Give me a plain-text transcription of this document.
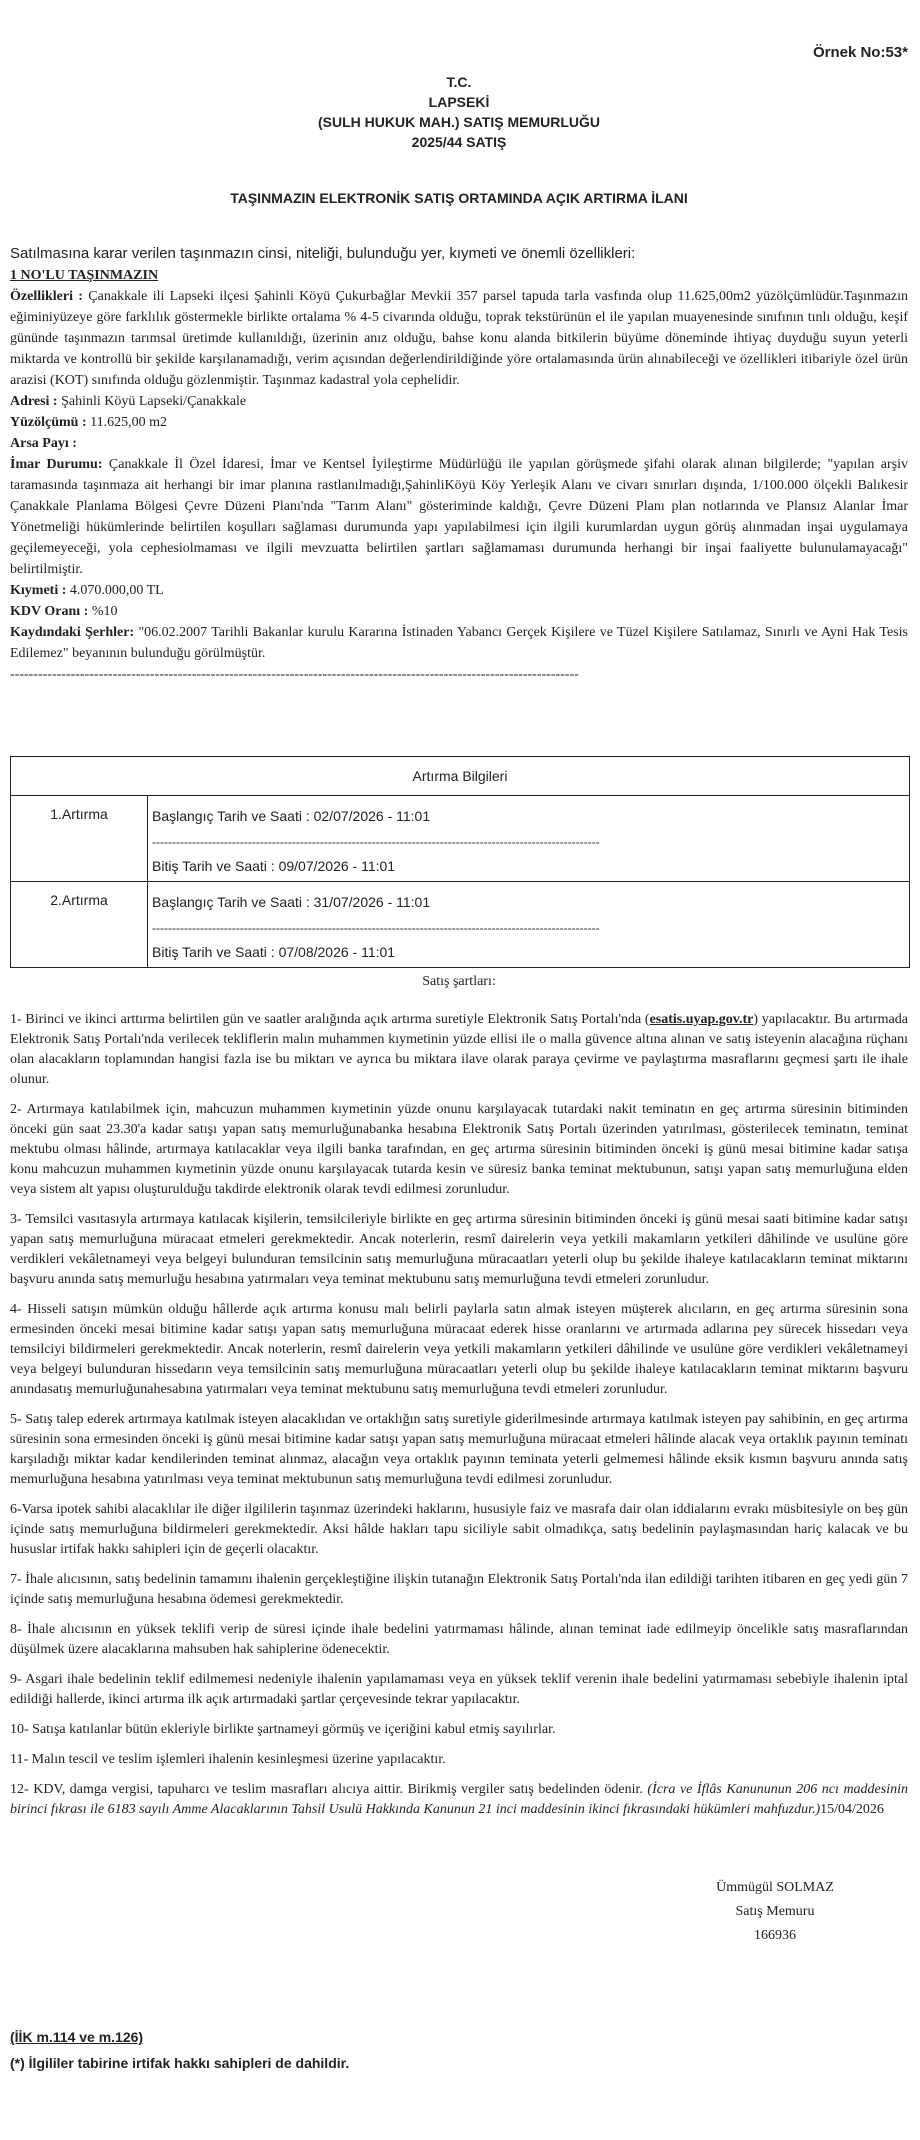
Örnek No:53*
T.C.
LAPSEKİ
(SULH HUKUK MAH.) SATIŞ MEMURLUĞU
2025/44 SATIŞ
TAŞINMAZIN ELEKTRONİK SATIŞ ORTAMINDA AÇIK ARTIRMA İLANI
Satılmasına karar verilen taşınmazın cinsi, niteliği, bulunduğu yer, kıymeti ve önemli özellikleri:

1 NO'LU TAŞINMAZIN

Özellikleri : Çanakkale ili Lapseki ilçesi Şahinli Köyü Çukurbağlar Mevkii 357 parsel tapuda tarla vasfında olup 11.625,00m2 yüzölçümlüdür.Taşınmazın eğiminiyüzeye göre farklılık göstermekle birlikte ortalama % 4-5 civarında olduğu, toprak tekstürünün el ile yapılan muayenesinde sınıfının tınlı olduğu, keşif gününde taşınmazın tarımsal üretimde kullanıldığı, üzerinin anız olduğu, bahse konu alanda bitkilerin büyüme döneminde ihtiyaç duyduğu suyun yeterli miktarda ve kontrollü bir şekilde karşılanamadığı, verim açısından değerlendirildiğinde yöre ortalamasında ürün alınabileceği ve özellikleri itibariyle özel ürün arazisi (KOT) sınıfında olduğu gözlenmiştir. Taşınmaz kadastral yola cephelidir.

Adresi : Şahinli Köyü Lapseki/Çanakkale

Yüzölçümü : 11.625,00 m2

Arsa Payı :

İmar Durumu: Çanakkale İl Özel İdaresi, İmar ve Kentsel İyileştirme Müdürlüğü ile yapılan görüşmede şifahi olarak alınan bilgilerde; "yapılan arşiv taramasında taşınmaza ait herhangi bir imar planına rastlanılmadığı,ŞahinliKöyü Köy Yerleşik Alanı ve civarı sınırları dışında, 1/100.000 ölçekli Balıkesir Çanakkale Planlama Bölgesi Çevre Düzeni Planı'nda "Tarım Alanı" gösteriminde kaldığı, Çevre Düzeni Planı plan notlarında ve Plansız Alanlar İmar Yönetmeliği hükümlerinde belirtilen koşulları sağlaması durumunda yapı yapılabilmesi için ilgili kurumlardan uygun görüş alınmadan inşai uygulamaya geçilemeyeceği, yola cephesiolmaması ve ilgili mevzuatta belirtilen şartları sağlamaması durumunda herhangi bir inşai faaliyette bulunulamayacağı" belirtilmiştir.

Kıymeti : 4.070.000,00 TL

KDV Oranı : %10

Kaydındaki Şerhler: "06.02.2007 Tarihli Bakanlar kurulu Kararına İstinaden Yabancı Gerçek Kişilere ve Tüzel Kişilere Satılamaz, Sınırlı ve Ayni Hak Tesis Edilemez" beyanının bulunduğu görülmüştür.

--------------------------------------------------------------------------------------------------------------------------
Artırma Bilgileri	
1.Artırma	Başlangıç Tarih ve Saati : 02/07/2026 - 11:01
----------------------------------------------------------------------------------------------------------------
Bitiş Tarih ve Saati : 09/07/2026 - 11:01

2.Artırma	Başlangıç Tarih ve Saati : 31/07/2026 - 11:01
----------------------------------------------------------------------------------------------------------------
Bitiş Tarih ve Saati : 07/08/2026 - 11:01
Satış şartları:

1- Birinci ve ikinci arttırma belirtilen gün ve saatler aralığında açık artırma suretiyle Elektronik Satış Portalı'nda (esatis.uyap.gov.tr) yapılacaktır. Bu artırmada Elektronik Satış Portalı'nda verilecek tekliflerin malın muhammen kıymetinin yüzde ellisi ile o malla güvence altına alınan ve satış isteyenin alacağına rüçhanı olan alacakların toplamından hangisi fazla ise bu miktarı ve ayrıca bu miktara ilave olarak paraya çevirme ve paylaştırma masraflarını geçmesi şartı ile ihale olunur.

2- Artırmaya katılabilmek için, mahcuzun muhammen kıymetinin yüzde onunu karşılayacak tutardaki nakit teminatın en geç artırma süresinin bitiminden önceki gün saat 23.30'a kadar satışı yapan satış memurluğunabanka hesabına Elektronik Satış Portalı üzerinden yatırılması, gösterilecek teminatın, teminat mektubu olması hâlinde, artırmaya katılacaklar veya ilgili banka tarafından, en geç artırma süresinin bitiminden önceki iş günü mesai bitimine kadar satışa konu mahcuzun muhammen kıymetinin yüzde onunu karşılayacak tutarda kesin ve süresiz banka teminat mektubunun, satışı yapan satış memurluğuna elden veya sistem alt yapısı oluşturulduğu takdirde elektronik olarak tevdi edilmesi zorunludur.

3- Temsilci vasıtasıyla artırmaya katılacak kişilerin, temsilcileriyle birlikte en geç artırma süresinin bitiminden önceki iş günü mesai saati bitimine kadar satışı yapan satış memurluğuna müracaat etmeleri gerekmektedir. Ancak noterlerin, resmî dairelerin veya yetkili makamların yetkileri dâhilinde ve usulüne göre verdikleri vekâletnameyi veya belgeyi bulunduran temsilcinin satış memurluğuna müracaatları yeterli olup bu şekilde ihaleye katılacakların teminat miktarını başvuru anında satış memurluğu hesabına yatırmaları veya teminat mektubunu satış memurluğuna tevdi etmeleri zorunludur.

4- Hisseli satışın mümkün olduğu hâllerde açık artırma konusu malı belirli paylarla satın almak isteyen müşterek alıcıların, en geç artırma süresinin sona ermesinden önceki mesai bitimine kadar satışı yapan satış memurluğuna müracaat ederek hisse oranlarını ve artırmada adlarına pey sürecek hissedarı veya temsilciyi bildirmeleri gerekmektedir. Ancak noterlerin, resmî dairelerin veya yetkili makamların yetkileri dâhilinde ve usulüne göre verdikleri vekâletnameyi veya belgeyi bulunduran hissedarın veya temsilcinin satış memurluğuna müracaatları yeterli olup bu şekilde ihaleye katılacakların teminat miktarını başvuru anındasatış memurluğunahesabına yatırmaları veya teminat mektubunu satış memurluğuna tevdi etmeleri zorunludur.

5- Satış talep ederek artırmaya katılmak isteyen alacaklıdan ve ortaklığın satış suretiyle giderilmesinde artırmaya katılmak isteyen pay sahibinin, en geç artırma süresinin sona ermesinden önceki iş günü mesai bitimine kadar satışı yapan satış memurluğuna müracaat etmeleri hâlinde alacak veya ortaklık payının teminatı karşıladığı miktar kadar kendilerinden teminat alınmaz, alacağın veya ortaklık payının teminata yeterli gelmemesi hâlinde eksik kısmın başvuru anında satış memurluğuna hesabına yatırılması veya teminat mektubunun satış memurluğuna tevdi edilmesi zorunludur.

6-Varsa ipotek sahibi alacaklılar ile diğer ilgililerin taşınmaz üzerindeki haklarını, hususiyle faiz ve masrafa dair olan iddialarını evrakı müsbitesiyle on beş gün içinde satış memurluğuna bildirmeleri gerekmektedir. Aksi hâlde hakları tapu siciliyle sabit olmadıkça, satış bedelinin paylaşmasından hariç kalacak ve bu hususlar irtifak hakkı sahipleri için de geçerli olacaktır.

7- İhale alıcısının, satış bedelinin tamamını ihalenin gerçekleştiğine ilişkin tutanağın Elektronik Satış Portalı'nda ilan edildiği tarihten itibaren en geç yedi gün 7 içinde satış memurluğuna hesabına ödemesi gerekmektedir.

8- İhale alıcısının en yüksek teklifi verip de süresi içinde ihale bedelini yatırmaması hâlinde, alınan teminat iade edilmeyip öncelikle satış masraflarından düşülmek üzere alacaklarına mahsuben hak sahiplerine ödenecektir.

9- Asgari ihale bedelinin teklif edilmemesi nedeniyle ihalenin yapılamaması veya en yüksek teklif verenin ihale bedelini yatırmaması sebebiyle ihalenin iptal edildiği hallerde, ikinci artırma ilk açık artırmadaki şartlar çerçevesinde tekrar yapılacaktır.

10- Satışa katılanlar bütün ekleriyle birlikte şartnameyi görmüş ve içeriğini kabul etmiş sayılırlar.

11- Malın tescil ve teslim işlemleri ihalenin kesinleşmesi üzerine yapılacaktır.

12- KDV, damga vergisi, tapuharcı ve teslim masrafları alıcıya aittir. Birikmiş vergiler satış bedelinden ödenir. (İcra ve İflâs Kanununun 206 ncı maddesinin birinci fıkrası ile 6183 sayılı Amme Alacaklarının Tahsil Usulü Hakkında Kanunun 21 inci maddesinin ikinci fıkrasındaki hükümleri mahfuzdur.)15/04/2026

Ümmügül SOLMAZ
Satış Memuru
166936
(İİK m.114 ve m.126)
(*) İlgililer tabirine irtifak hakkı sahipleri de dahildir.
